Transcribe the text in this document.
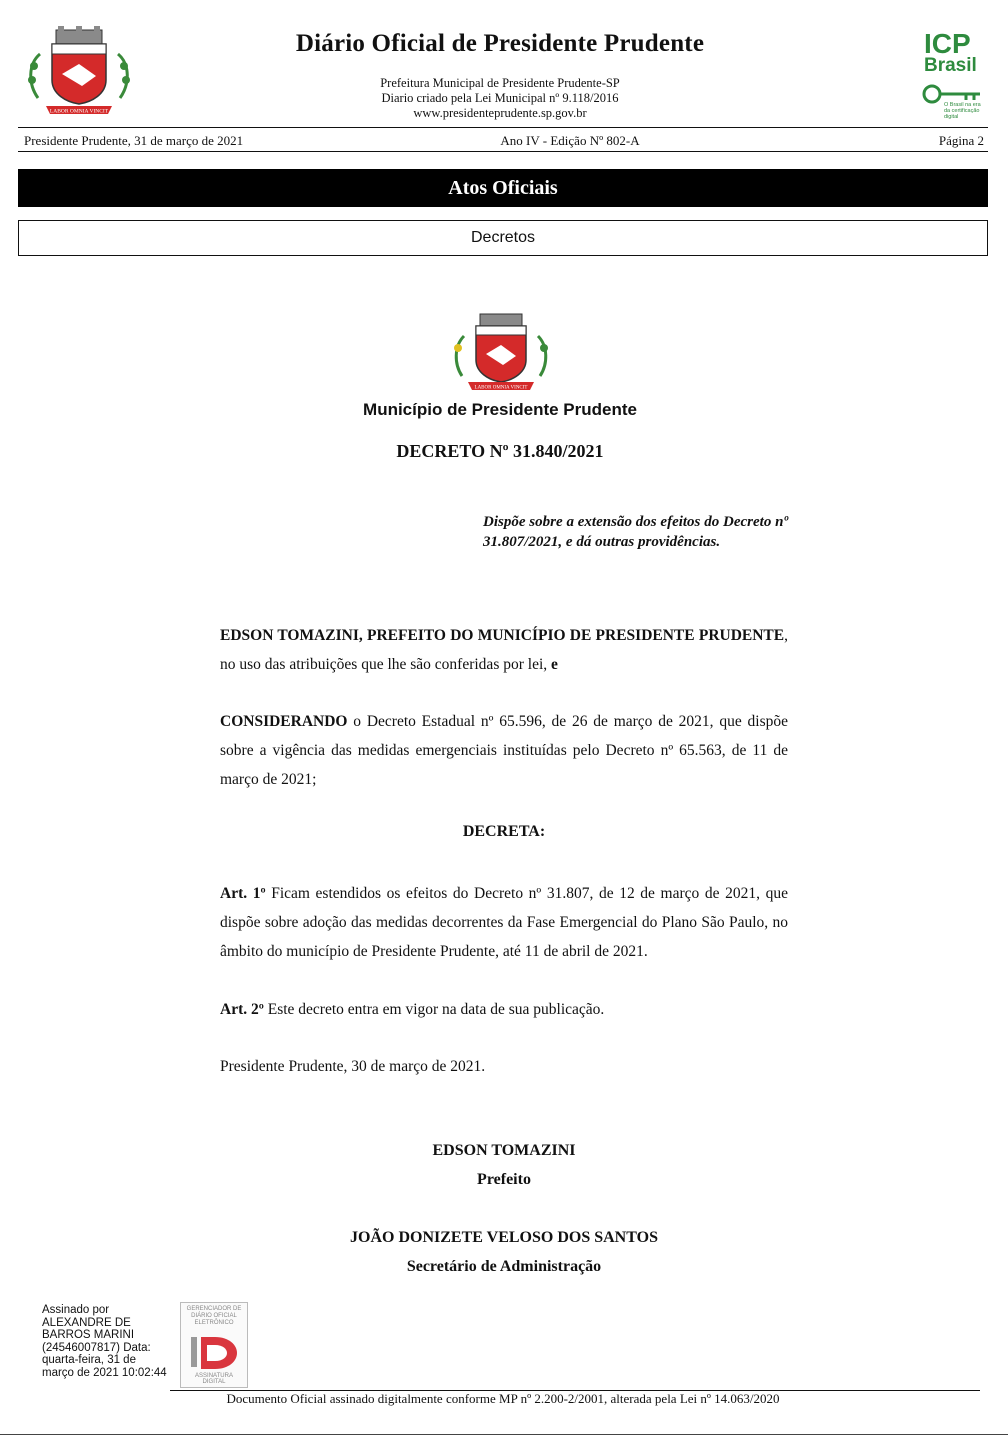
LABOR OMNIA VINCIT
Diário Oficial de Presidente Prudente
Prefeitura Municipal de Presidente Prudente-SP
Diario criado pela Lei Municipal nº 9.118/2016
www.presidenteprudente.sp.gov.br
ICP
Brasil
O Brasil na era da certificação digital
Presidente Prudente, 31 de março de 2021	Ano IV - Edição Nº 802-A	Página 2
Atos Oficiais
Decretos
LABOR OMNIA VINCIT
Município de Presidente Prudente
DECRETO Nº 31.840/2021
Dispõe sobre a extensão dos efeitos do Decreto nº 31.807/2021, e dá outras providências.
EDSON TOMAZINI, PREFEITO DO MUNICÍPIO DE PRESIDENTE PRUDENTE, no uso das atribuições que lhe são conferidas por lei, e
CONSIDERANDO o Decreto Estadual nº 65.596, de 26 de março de 2021, que dispõe sobre a vigência das medidas emergenciais instituídas pelo Decreto nº 65.563, de 11 de março de 2021;
DECRETA:
Art. 1º Ficam estendidos os efeitos do Decreto nº 31.807, de 12 de março de 2021, que dispõe sobre adoção das medidas decorrentes da Fase Emergencial do Plano São Paulo, no âmbito do município de Presidente Prudente, até 11 de abril de 2021.
Art. 2º Este decreto entra em vigor na data de sua publicação.
Presidente Prudente, 30 de março de 2021.
EDSON TOMAZINI
Prefeito
JOÃO DONIZETE VELOSO DOS SANTOS
Secretário de Administração
Assinado por ALEXANDRE DE BARROS MARINI (24546007817) Data: quarta-feira, 31 de março de 2021 10:02:44
GERENCIADOR DE DIÁRIO OFICIAL ELETRÔNICO
ASSINATURA DIGITAL
Documento Oficial assinado digitalmente conforme MP nº 2.200-2/2001, alterada pela Lei nº 14.063/2020
